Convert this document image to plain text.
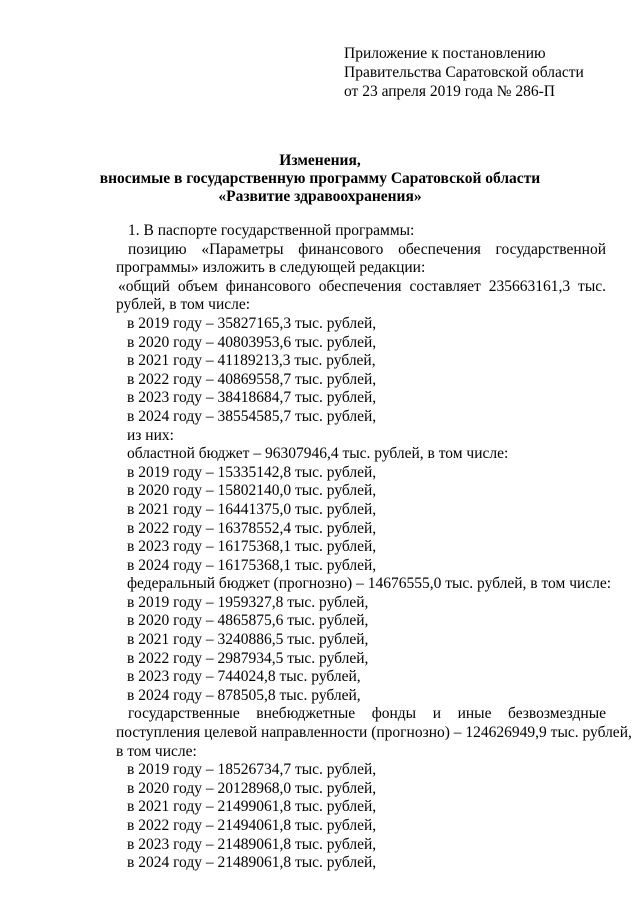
Приложение к постановлению
Правительства Саратовской области
от 23 апреля 2019 года № 286-П
Изменения,
вносимые в государственную программу Саратовской области
«Развитие здравоохранения»
1. В паспорте государственной программы:
позицию «Параметры финансового обеспечения государственной
программы» изложить в следующей редакции:
«общий объем финансового обеспечения составляет 235663161,3 тыс.
рублей, в том числе:
в 2019 году – 35827165,3 тыс. рублей,
в 2020 году – 40803953,6 тыс. рублей,
в 2021 году – 41189213,3 тыс. рублей,
в 2022 году – 40869558,7 тыс. рублей,
в 2023 году – 38418684,7 тыс. рублей,
в 2024 году – 38554585,7 тыс. рублей,
из них:
областной бюджет – 96307946,4 тыс. рублей, в том числе:
в 2019 году – 15335142,8 тыс. рублей,
в 2020 году – 15802140,0 тыс. рублей,
в 2021 году – 16441375,0 тыс. рублей,
в 2022 году – 16378552,4 тыс. рублей,
в 2023 году – 16175368,1 тыс. рублей,
в 2024 году – 16175368,1 тыс. рублей,
федеральный бюджет (прогнозно) – 14676555,0 тыс. рублей, в том числе:
в 2019 году – 1959327,8 тыс. рублей,
в 2020 году – 4865875,6 тыс. рублей,
в 2021 году – 3240886,5 тыс. рублей,
в 2022 году – 2987934,5 тыс. рублей,
в 2023 году – 744024,8 тыс. рублей,
в 2024 году – 878505,8 тыс. рублей,
государственные внебюджетные фонды и иные безвозмездные
поступления целевой направленности (прогнозно) – 124626949,9 тыс. рублей,
в том числе:
в 2019 году – 18526734,7 тыс. рублей,
в 2020 году – 20128968,0 тыс. рублей,
в 2021 году – 21499061,8 тыс. рублей,
в 2022 году – 21494061,8 тыс. рублей,
в 2023 году – 21489061,8 тыс. рублей,
в 2024 году – 21489061,8 тыс. рублей,
